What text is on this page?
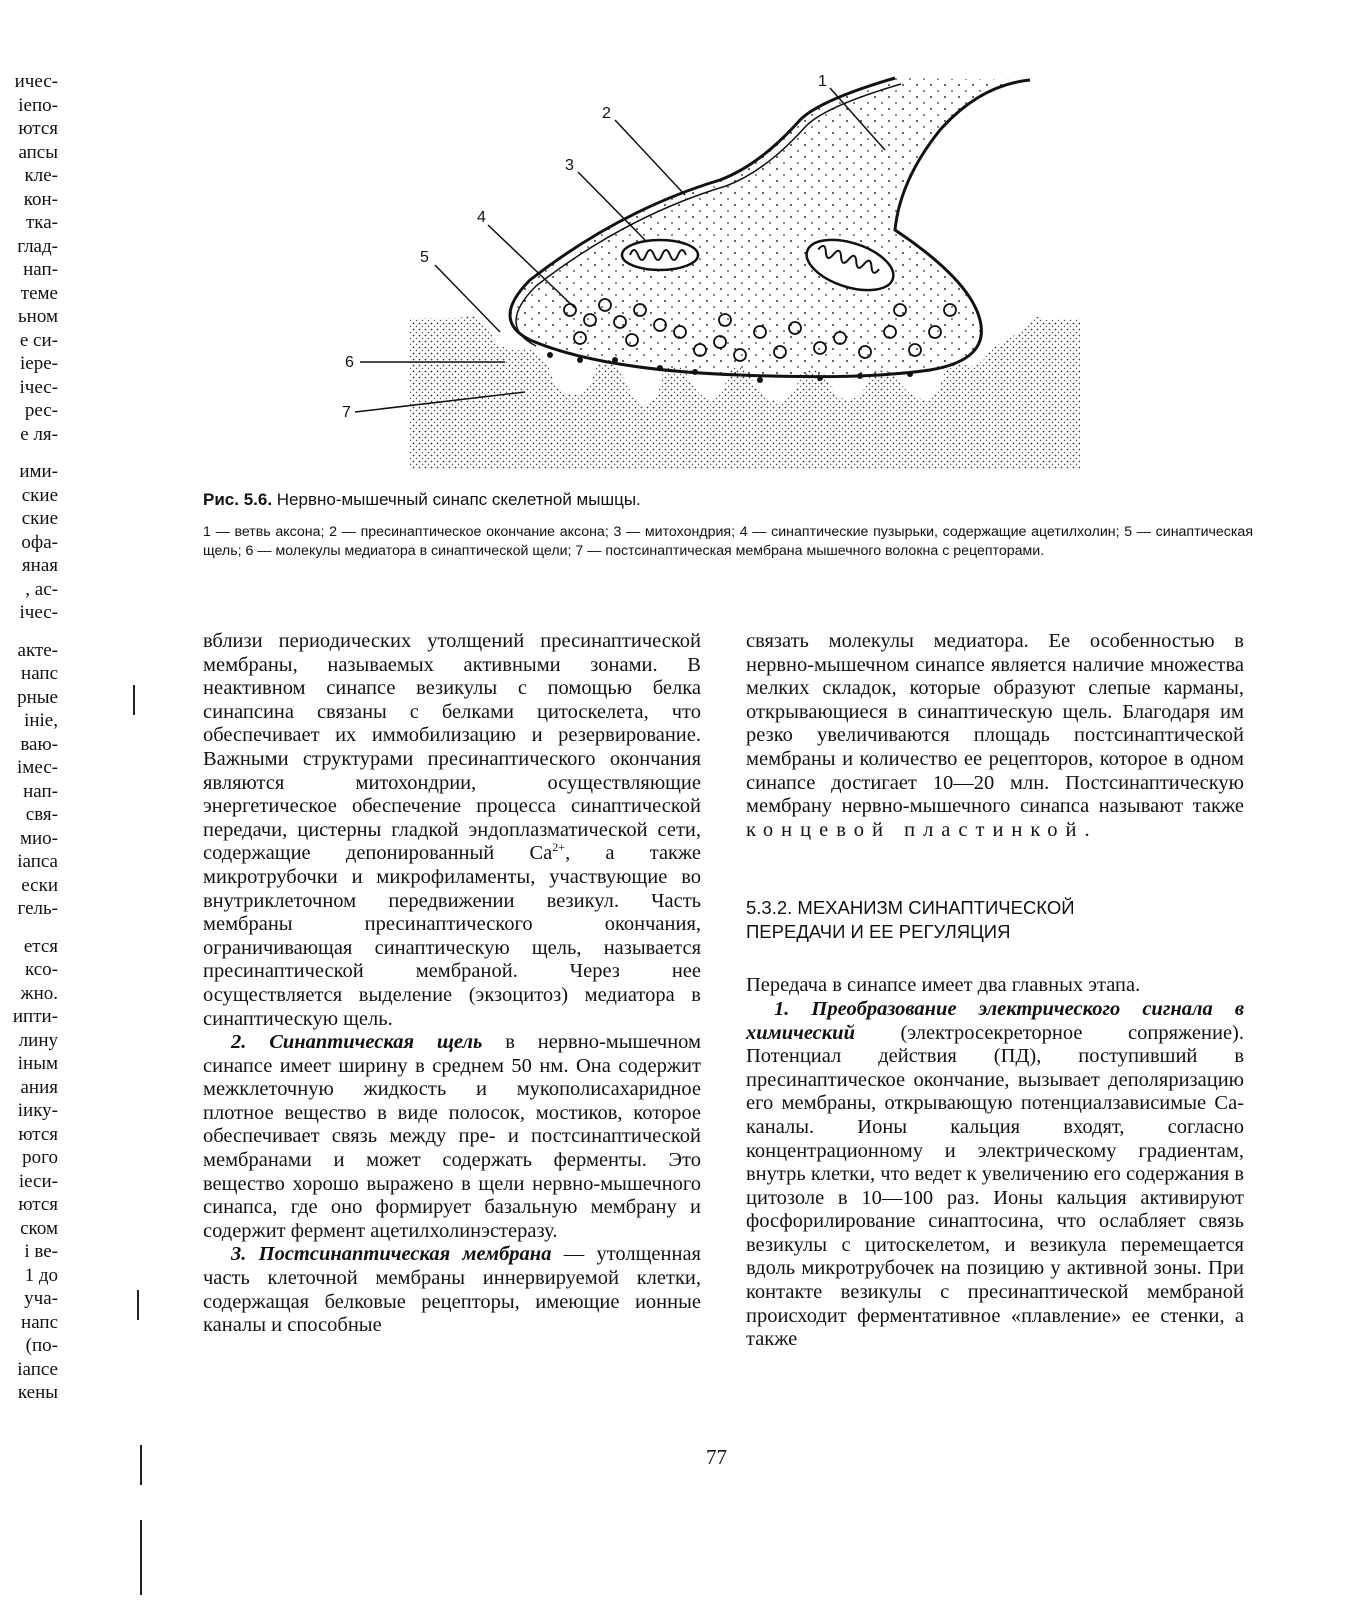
ичес-
іепо-
ются
апсы
кле-
кон-
тка-
глад-
нап-
теме
ьном
е си-
іере-
ічес-
рес-
е ля-
ими-
ские
ские
офа-
яная
, ас-
ічес-
акте-
напс
рные
ініе,
ваю-
імес-
нап-
свя-
мио-
іапса
ески
гель-
ется
ксо-
жно.
ипти-
лину
іным
ания
іику-
ются
рого
іеси-
ются
ском
і ве-
1 до
уча-
напс
(по-
іапсе
кены
1
2
3
4
5
6
7
Рис. 5.6. Нервно-мышечный синапс скелетной мышцы.
1 — ветвь аксона; 2 — пресинаптическое окончание аксона; 3 — митохондрия; 4 — синаптические пузырьки, содержащие ацетилхолин; 5 — синаптическая щель; 6 — молекулы медиатора в синаптической щели; 7 — постсинаптическая мембрана мышечного волокна с рецепторами.

вблизи периодических утолщений пресинаптической мембраны, называемых активными зонами. В неактивном синапсе везикулы с помощью белка синапсина связаны с белками цитоскелета, что обеспечивает их иммобилизацию и резервирование. Важными структурами пресинаптического окончания являются митохондрии, осуществляющие энергетическое обеспечение процесса синаптической передачи, цистерны гладкой эндоплазматической сети, содержащие депонированный $Ca^{2+}$, а также микротрубочки и микрофиламенты, участвующие во внутриклеточном передвижении везикул. Часть мембраны пресинаптического окончания, ограничивающая синаптическую щель, называется пресинаптической мембраной. Через нее осуществляется выделение (экзоцитоз) медиатора в синаптическую щель.

2. Синаптическая щель в нервно-мышечном синапсе имеет ширину в среднем 50 нм. Она содержит межклеточную жидкость и мукополисахаридное плотное вещество в виде полосок, мостиков, которое обеспечивает связь между пре- и постсинаптической мембранами и может содержать ферменты. Это вещество хорошо выражено в щели нервно-мышечного синапса, где оно формирует базальную мембрану и содержит фермент ацетилхолинэстеразу.

3. Постсинаптическая мембрана — утолщенная часть клеточной мембраны иннервируемой клетки, содержащая белковые рецепторы, имеющие ионные каналы и способные

связать молекулы медиатора. Ее особенностью в нервно-мышечном синапсе является наличие множества мелких складок, которые образуют слепые карманы, открывающиеся в синаптическую щель. Благодаря им резко увеличиваются площадь постсинаптической мембраны и количество ее рецепторов, которое в одном синапсе достигает 10—20 млн. Постсинаптическую мембрану нервно-мышечного синапса называют также концевой пластинкой.

5.3.2. МЕХАНИЗМ СИНАПТИЧЕСКОЙ
ПЕРЕДАЧИ И ЕЕ РЕГУЛЯЦИЯ

Передача в синапсе имеет два главных этапа.

1. Преобразование электрического сигнала в химический (электросекреторное сопряжение). Потенциал действия (ПД), поступивший в пресинаптическое окончание, вызывает деполяризацию его мембраны, открывающую потенциалзависимые Са-каналы. Ионы кальция входят, согласно концентрационному и электрическому градиентам, внутрь клетки, что ведет к увеличению его содержания в цитозоле в 10—100 раз. Ионы кальция активируют фосфорилирование синаптосина, что ослабляет связь везикулы с цитоскелетом, и везикула перемещается вдоль микротрубочек на позицию у активной зоны. При контакте везикулы с пресинаптической мембраной происходит ферментативное «плавление» ее стенки, а также

77
